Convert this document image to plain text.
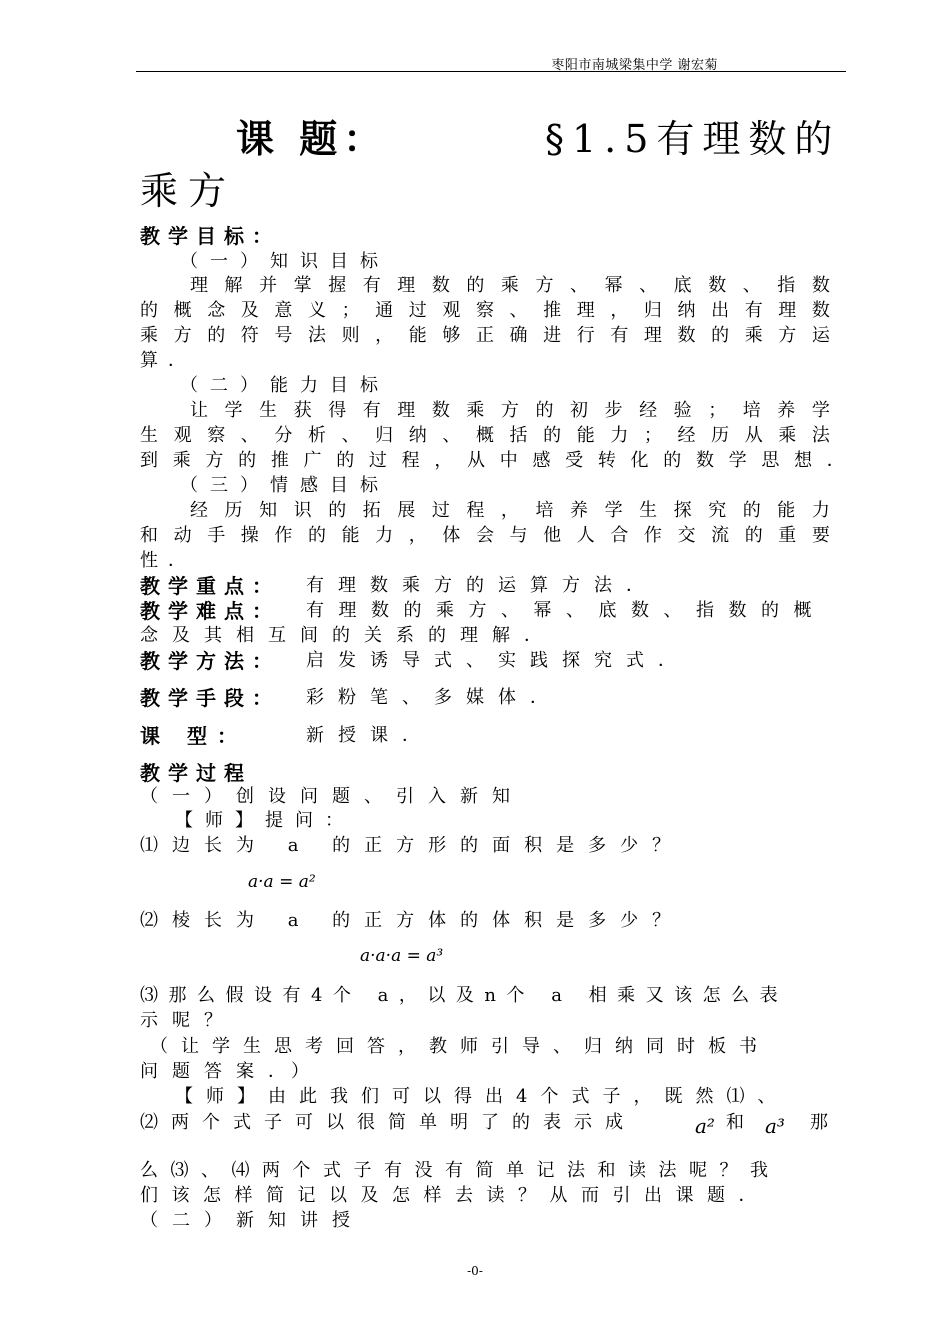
枣阳市南城梁集中学 谢宏菊
课 题：	§1.5有理数的
乘方
教学目标：
（一）知识目标
理 解 并 掌 握 有 理 数 的 乘 方 、 幂 、 底 数 、 指 数
的 概 念 及 意 义 ； 通 过 观 察 、 推 理 ， 归 纳 出 有 理 数
乘 方 的 符 号 法 则 ， 能 够 正 确 进 行 有 理 数 的 乘 方 运
算．
（二）能力目标
让 学 生 获 得 有 理 数 乘 方 的 初 步 经 验 ； 培 养 学
生 观 察 、 分 析 、 归 纳 、 概 括 的 能 力 ； 经 历 从 乘 法
到 乘 方 的 推 广 的 过 程 ， 从 中 感 受 转 化 的 数 学 思 想 ．
（三）情感目标
经 历 知 识 的 拓 展 过 程 ， 培 养 学 生 探 究 的 能 力
和 动 手 操 作 的 能 力 ， 体 会 与 他 人 合 作 交 流 的 重 要
性．
教学重点： 有理数乘方的运算方法．
教学难点： 有理数的乘方、幂、底数、指数的概
念及其相互间的关系的理解．
教学方法： 启发诱导式、实践探究式．
教学手段： 彩粉笔、多媒体．
课 型：	新授课．
教学过程
（一）创设问题、引入新知
【师】提问：
⑴边长为 a 的正方形的面积是多少？
a·a = a²
⑵棱长为 a 的正方体的体积是多少？
a·a·a = a³
⑶那么假设有4个 a，以及n个 a 相乘又该怎么表
示呢？
（让学生思考回答，教师引导、归纳同时板书
问题答案．）
【师】由此我们可以得出4个式子，既然⑴、
⑵两个式子可以很简单明了的表示成	a² 和 a³ 那
么⑶、⑷两个式子有没有简单记法和读法呢？我
们该怎样简记以及怎样去读？从而引出课题．
（二）新知讲授
-0-
